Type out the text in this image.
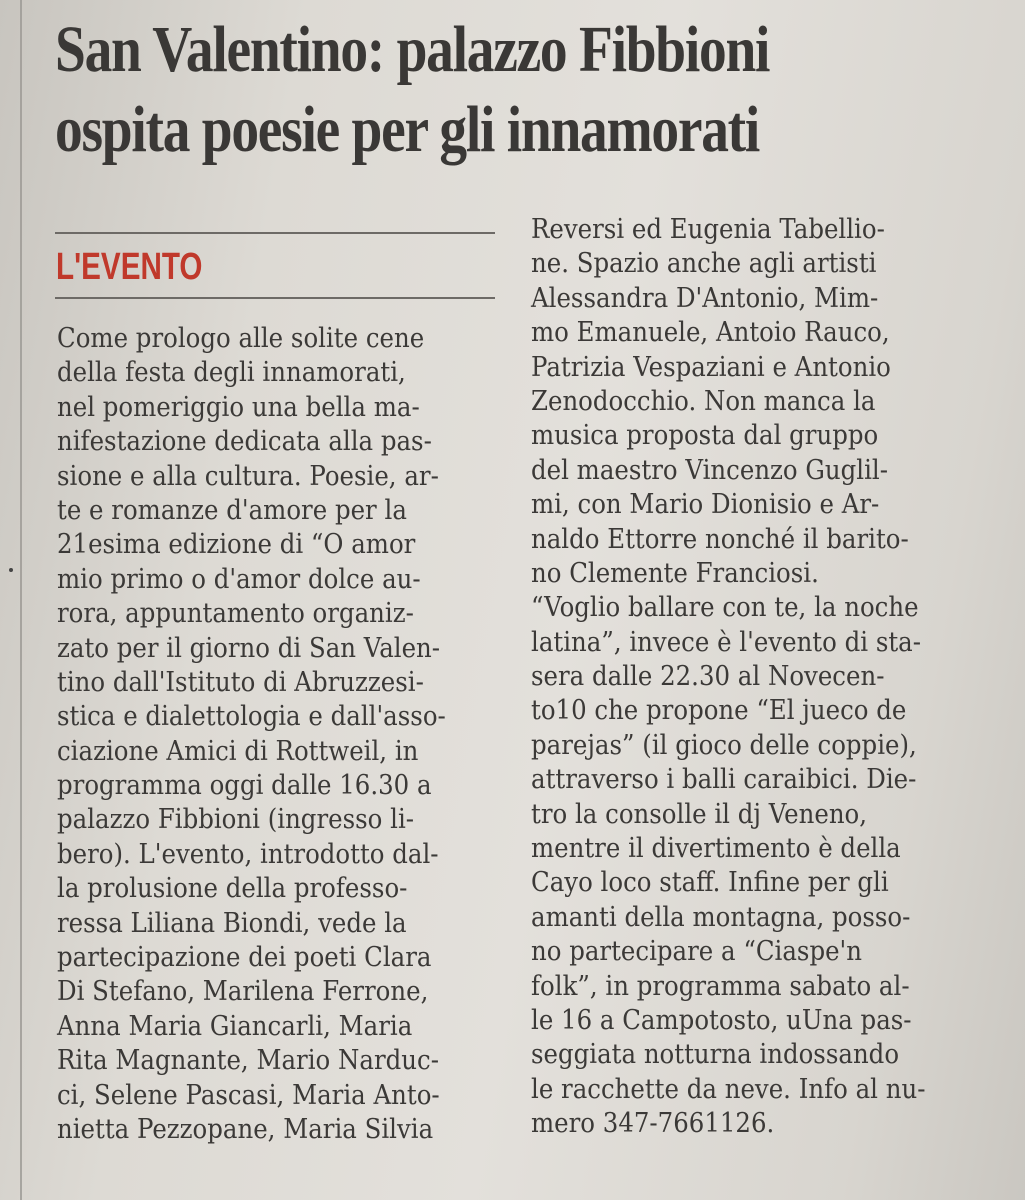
San Valentino: palazzo Fibbioni
ospita poesie per gli innamorati
L'EVENTO
Come prologo alle solite cene
della festa degli innamorati,
nel pomeriggio una bella ma-
nifestazione dedicata alla pas-
sione e alla cultura. Poesie, ar-
te e romanze d'amore per la
21esima edizione di “O amor
mio primo o d'amor dolce au-
rora, appuntamento organiz-
zato per il giorno di San Valen-
tino dall'Istituto di Abruzzesi-
stica e dialettologia e dall'asso-
ciazione Amici di Rottweil, in
programma oggi dalle 16.30 a
palazzo Fibbioni (ingresso li-
bero). L'evento, introdotto dal-
la prolusione della professo-
ressa Liliana Biondi, vede la
partecipazione dei poeti Clara
Di Stefano, Marilena Ferrone,
Anna Maria Giancarli, Maria
Rita Magnante, Mario Narduc-
ci, Selene Pascasi, Maria Anto-
nietta Pezzopane, Maria Silvia
Reversi ed Eugenia Tabellio-
ne. Spazio anche agli artisti
Alessandra D'Antonio, Mim-
mo Emanuele, Antoio Rauco,
Patrizia Vespaziani e Antonio
Zenodocchio. Non manca la
musica proposta dal gruppo
del maestro Vincenzo Guglil-
mi, con Mario Dionisio e Ar-
naldo Ettorre nonché il barito-
no Clemente Franciosi.
“Voglio ballare con te, la noche
latina”, invece è l'evento di sta-
sera dalle 22.30 al Novecen-
to10 che propone “El jueco de
parejas” (il gioco delle coppie),
attraverso i balli caraibici. Die-
tro la consolle il dj Veneno,
mentre il divertimento è della
Cayo loco staff. Infine per gli
amanti della montagna, posso-
no partecipare a “Ciaspe'n
folk”, in programma sabato al-
le 16 a Campotosto, uUna pas-
seggiata notturna indossando
le racchette da neve. Info al nu-
mero 347-7661126.
